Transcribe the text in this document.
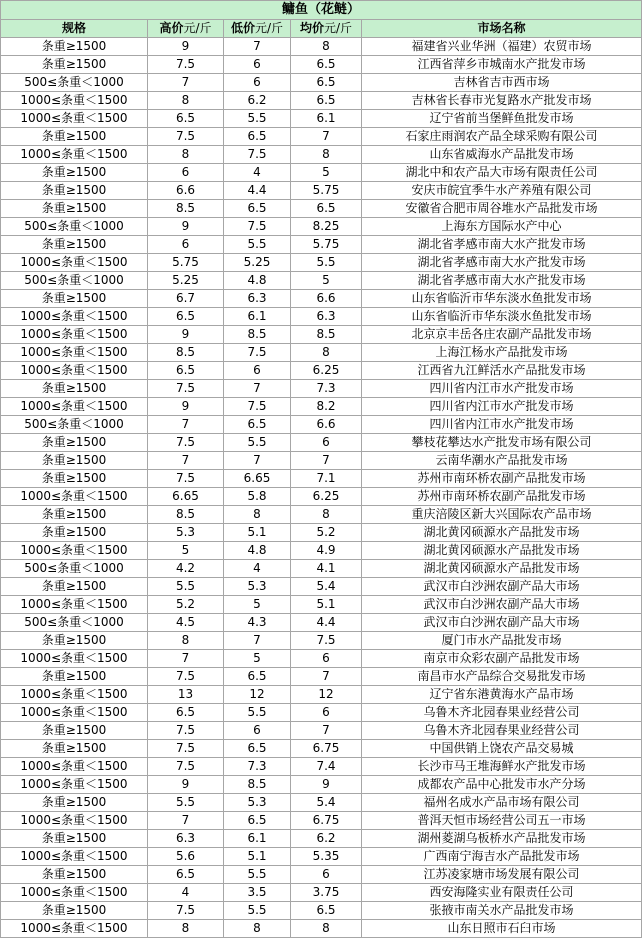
鳙鱼（花鲢）				
规格	高价元/斤	低价元/斤	均价元/斤	市场名称
条重≥1500	9	7	8	福建省兴业华洲（福建）农贸市场
条重≥1500	7.5	6	6.5	江西省萍乡市城南水产批发市场
500≤条重＜1000	7	6	6.5	吉林省吉市西市场
1000≤条重＜1500	8	6.2	6.5	吉林省长春市光复路水产批发市场
1000≤条重＜1500	6.5	5.5	6.1	辽宁省前当堡鲜鱼批发市场
条重≥1500	7.5	6.5	7	石家庄雨润农产品全球采购有限公司
1000≤条重＜1500	8	7.5	8	山东省威海水产品批发市场
条重≥1500	6	4	5	湖北中和农产品大市场有限责任公司
条重≥1500	6.6	4.4	5.75	安庆市皖宜季牛水产养殖有限公司
条重≥1500	8.5	6.5	6.5	安徽省合肥市周谷堆水产品批发市场
500≤条重＜1000	9	7.5	8.25	上海东方国际水产中心
条重≥1500	6	5.5	5.75	湖北省孝感市南大水产批发市场
1000≤条重＜1500	5.75	5.25	5.5	湖北省孝感市南大水产批发市场
500≤条重＜1000	5.25	4.8	5	湖北省孝感市南大水产批发市场
条重≥1500	6.7	6.3	6.6	山东省临沂市华东淡水鱼批发市场
1000≤条重＜1500	6.5	6.1	6.3	山东省临沂市华东淡水鱼批发市场
1000≤条重＜1500	9	8.5	8.5	北京京丰岳各庄农副产品批发市场
1000≤条重＜1500	8.5	7.5	8	上海江杨水产品批发市场
1000≤条重＜1500	6.5	6	6.25	江西省九江鲜活水产品批发市场
条重≥1500	7.5	7	7.3	四川省内江市水产批发市场
1000≤条重＜1500	9	7.5	8.2	四川省内江市水产批发市场
500≤条重＜1000	7	6.5	6.6	四川省内江市水产批发市场
条重≥1500	7.5	5.5	6	攀枝花攀达水产批发市场有限公司
条重≥1500	7	7	7	云南华潮水产品批发市场
条重≥1500	7.5	6.65	7.1	苏州市南环桥农副产品批发市场
1000≤条重＜1500	6.65	5.8	6.25	苏州市南环桥农副产品批发市场
条重≥1500	8.5	8	8	重庆涪陵区新大兴国际农产品市场
条重≥1500	5.3	5.1	5.2	湖北黄冈硕源水产品批发市场
1000≤条重＜1500	5	4.8	4.9	湖北黄冈硕源水产品批发市场
500≤条重＜1000	4.2	4	4.1	湖北黄冈硕源水产品批发市场
条重≥1500	5.5	5.3	5.4	武汉市白沙洲农副产品大市场
1000≤条重＜1500	5.2	5	5.1	武汉市白沙洲农副产品大市场
500≤条重＜1000	4.5	4.3	4.4	武汉市白沙洲农副产品大市场
条重≥1500	8	7	7.5	厦门市水产品批发市场
1000≤条重＜1500	7	5	6	南京市众彩农副产品批发市场
条重≥1500	7.5	6.5	7	南昌市水产品综合交易批发市场
1000≤条重＜1500	13	12	12	辽宁省东港黄海水产品市场
1000≤条重＜1500	6.5	5.5	6	乌鲁木齐北园春果业经营公司
条重≥1500	7.5	6	7	乌鲁木齐北园春果业经营公司
条重≥1500	7.5	6.5	6.75	中国供销上饶农产品交易城
1000≤条重＜1500	7.5	7.3	7.4	长沙市马王堆海鲜水产批发市场
1000≤条重＜1500	9	8.5	9	成都农产品中心批发市水产分场
条重≥1500	5.5	5.3	5.4	福州名成水产品市场有限公司
1000≤条重＜1500	7	6.5	6.75	普洱天恒市场经营公司五一市场
条重≥1500	6.3	6.1	6.2	湖州菱湖乌板桥水产品批发市场
1000≤条重＜1500	5.6	5.1	5.35	广西南宁海吉水产品批发市场
条重≥1500	6.5	5.5	6	江苏凌家塘市场发展有限公司
1000≤条重＜1500	4	3.5	3.75	西安海隆实业有限责任公司
条重≥1500	7.5	5.5	6.5	张掖市南关水产品批发市场
1000≤条重＜1500	8	8	8	山东日照市石臼市场
